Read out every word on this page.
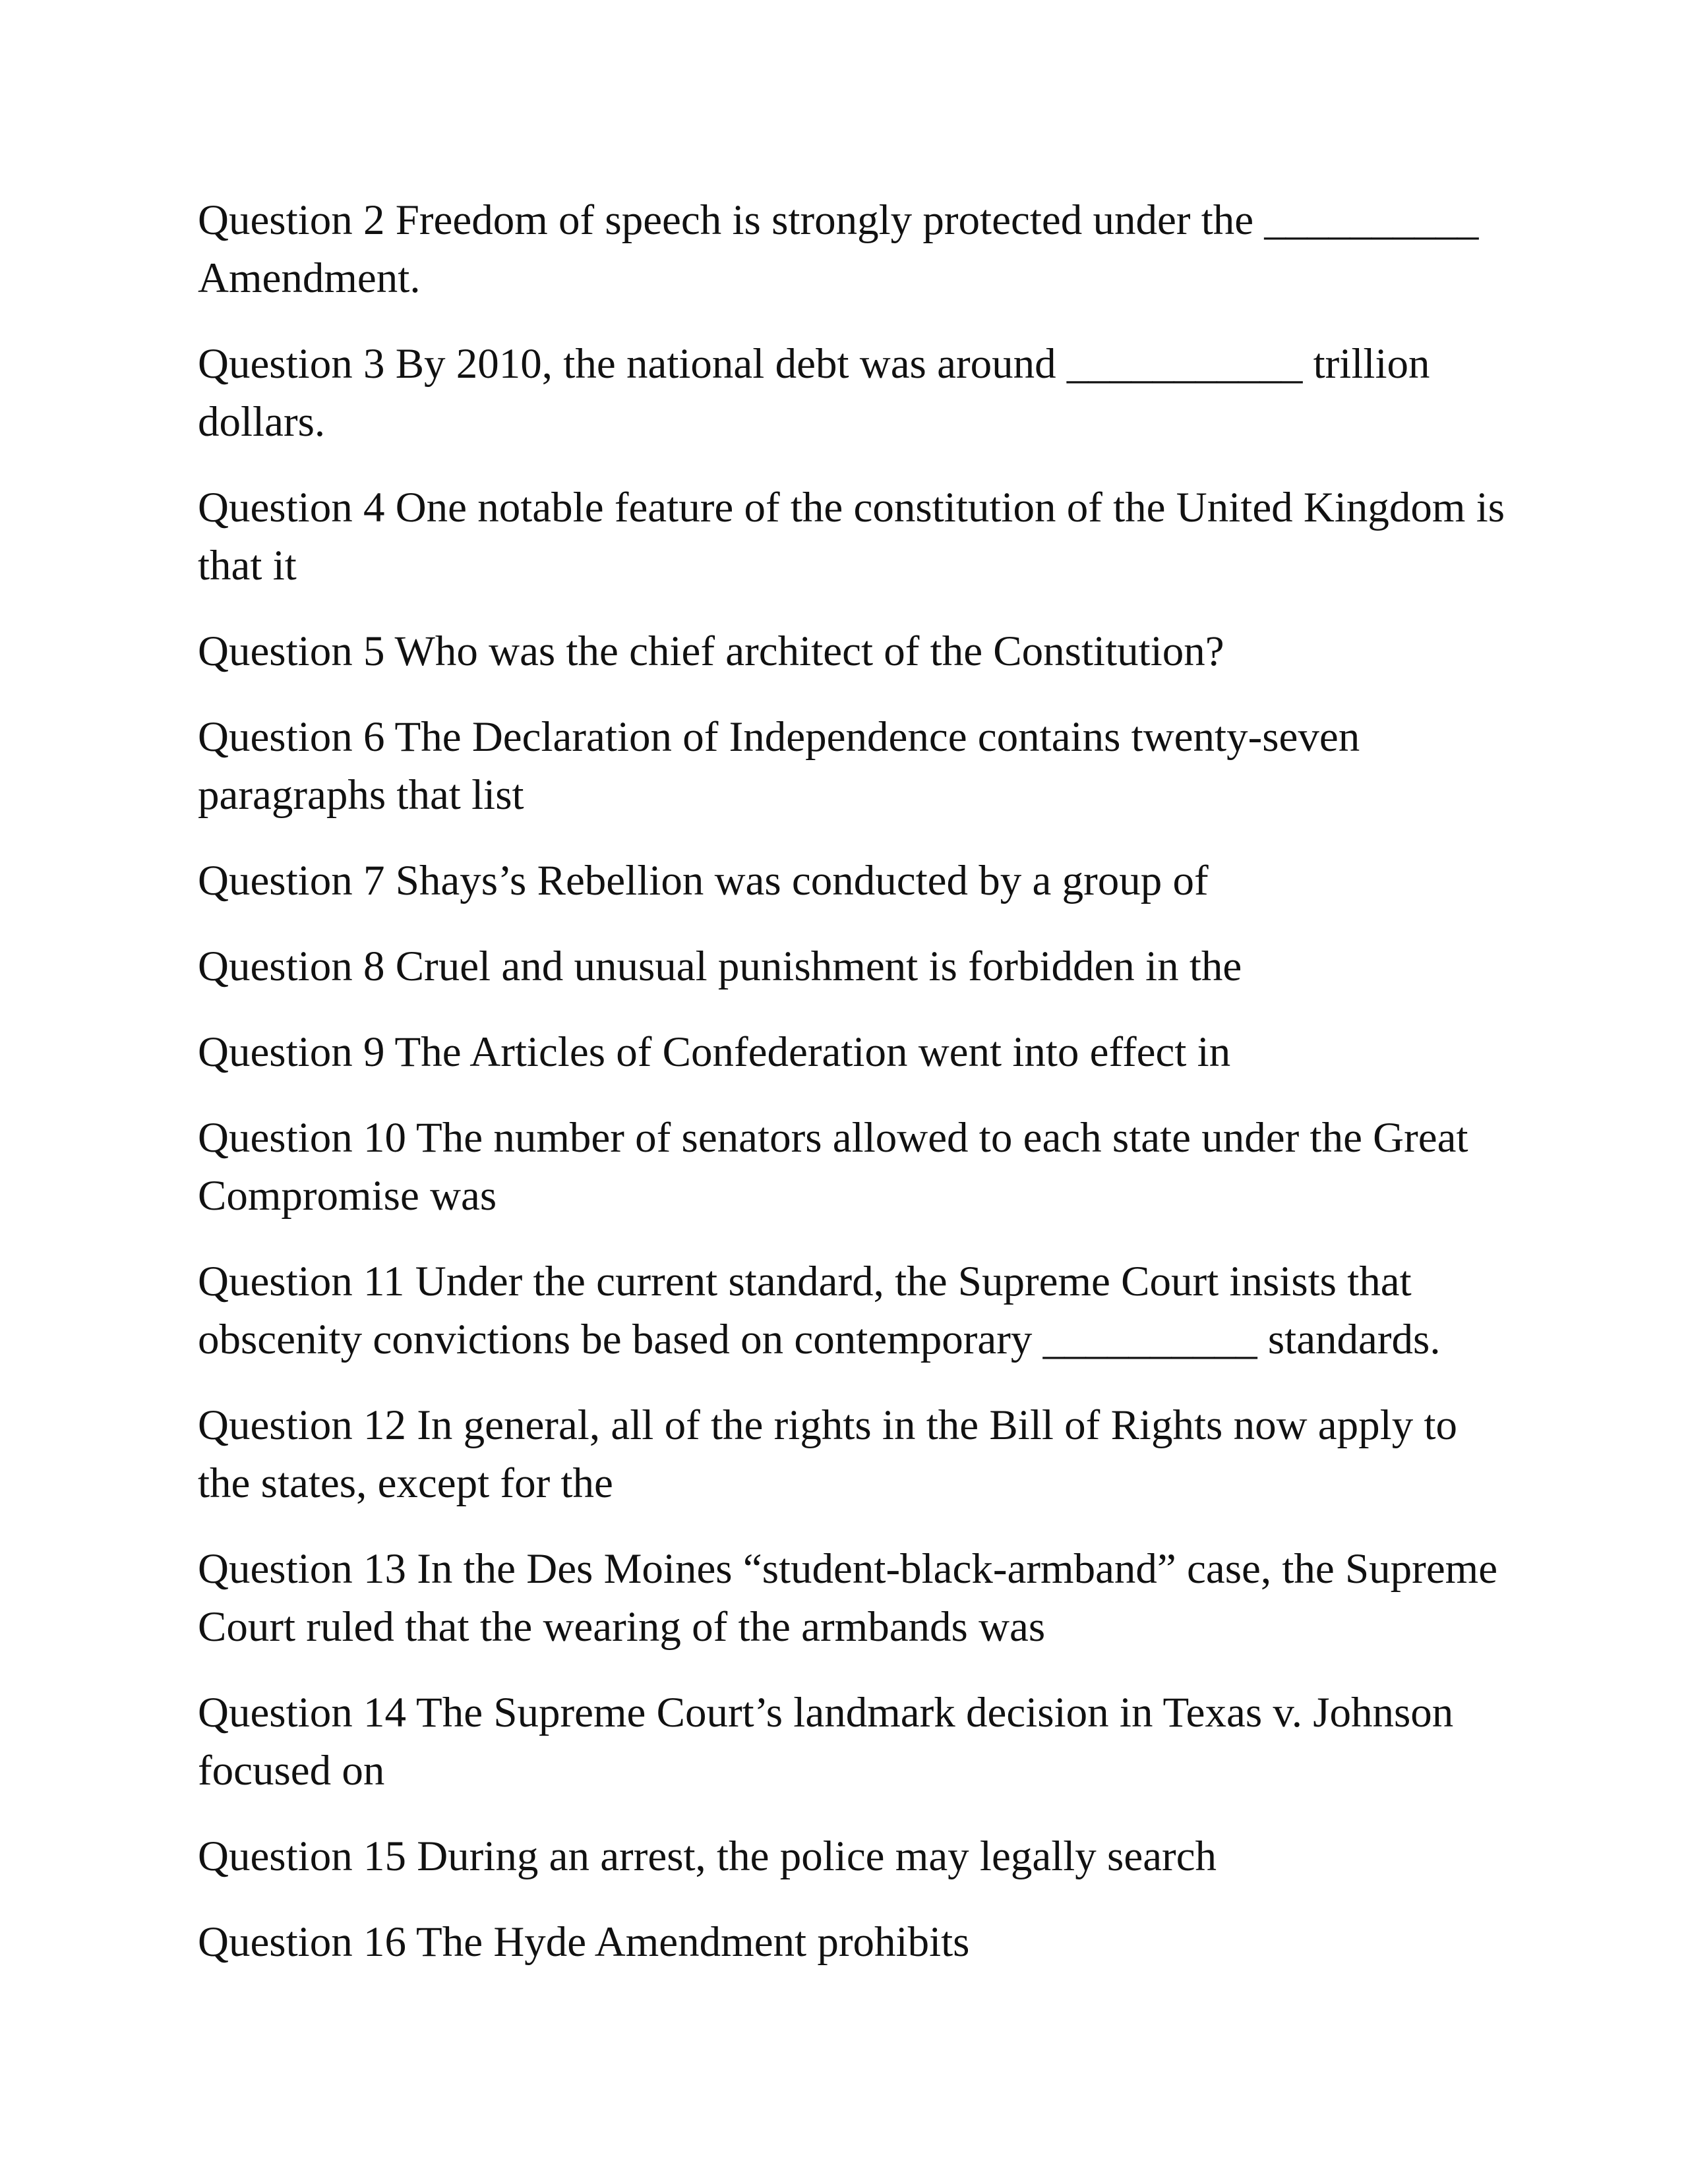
Question 2 Freedom of speech is strongly protected under the __________ Amendment.
Question 3 By 2010, the national debt was around ___________ trillion dollars.
Question 4 One notable feature of the constitution of the United Kingdom is that it
Question 5 Who was the chief architect of the Constitution?
Question 6 The Declaration of Independence contains twenty-seven paragraphs that list
Question 7 Shays’s Rebellion was conducted by a group of
Question 8 Cruel and unusual punishment is forbidden in the
Question 9 The Articles of Confederation went into effect in
Question 10 The number of senators allowed to each state under the Great Compromise was
Question 11 Under the current standard, the Supreme Court insists that obscenity convictions be based on contemporary __________ standards.
Question 12 In general, all of the rights in the Bill of Rights now apply to the states, except for the
Question 13 In the Des Moines “student-black-armband” case, the Supreme Court ruled that the wearing of the armbands was
Question 14 The Supreme Court’s landmark decision in Texas v. Johnson focused on
Question 15 During an arrest, the police may legally search
Question 16 The Hyde Amendment prohibits
